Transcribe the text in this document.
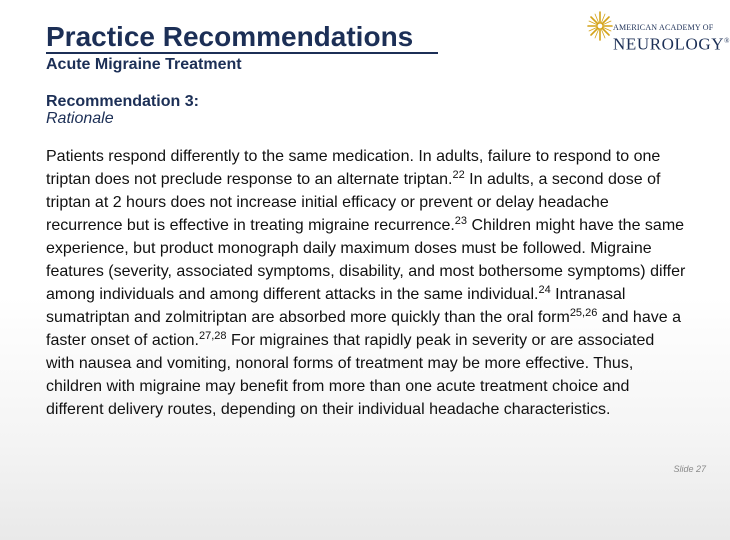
Practice Recommendations
Acute Migraine Treatment
Recommendation 3:
Rationale
AMERICAN ACADEMY OF
NEUROLOGY®
Patients respond differently to the same medication. In adults, failure to respond to one triptan does not preclude response to an alternate triptan.$^{22}$ In adults, a second dose of triptan at 2 hours does not increase initial efficacy or prevent or delay headache recurrence but is effective in treating migraine recurrence.$^{23}$ Children might have the same experience, but product monograph daily maximum doses must be followed. Migraine features (severity, associated symptoms, disability, and most bothersome symptoms) differ among individuals and among different attacks in the same individual.$^{24}$ Intranasal sumatriptan and zolmitriptan are absorbed more quickly than the oral form$^{25,26}$ and have a faster onset of action.$^{27,28}$ For migraines that rapidly peak in severity or are associated with nausea and vomiting, nonoral forms of treatment may be more effective. Thus, children with migraine may benefit from more than one acute treatment choice and different delivery routes, depending on their individual headache characteristics.
Slide 27
